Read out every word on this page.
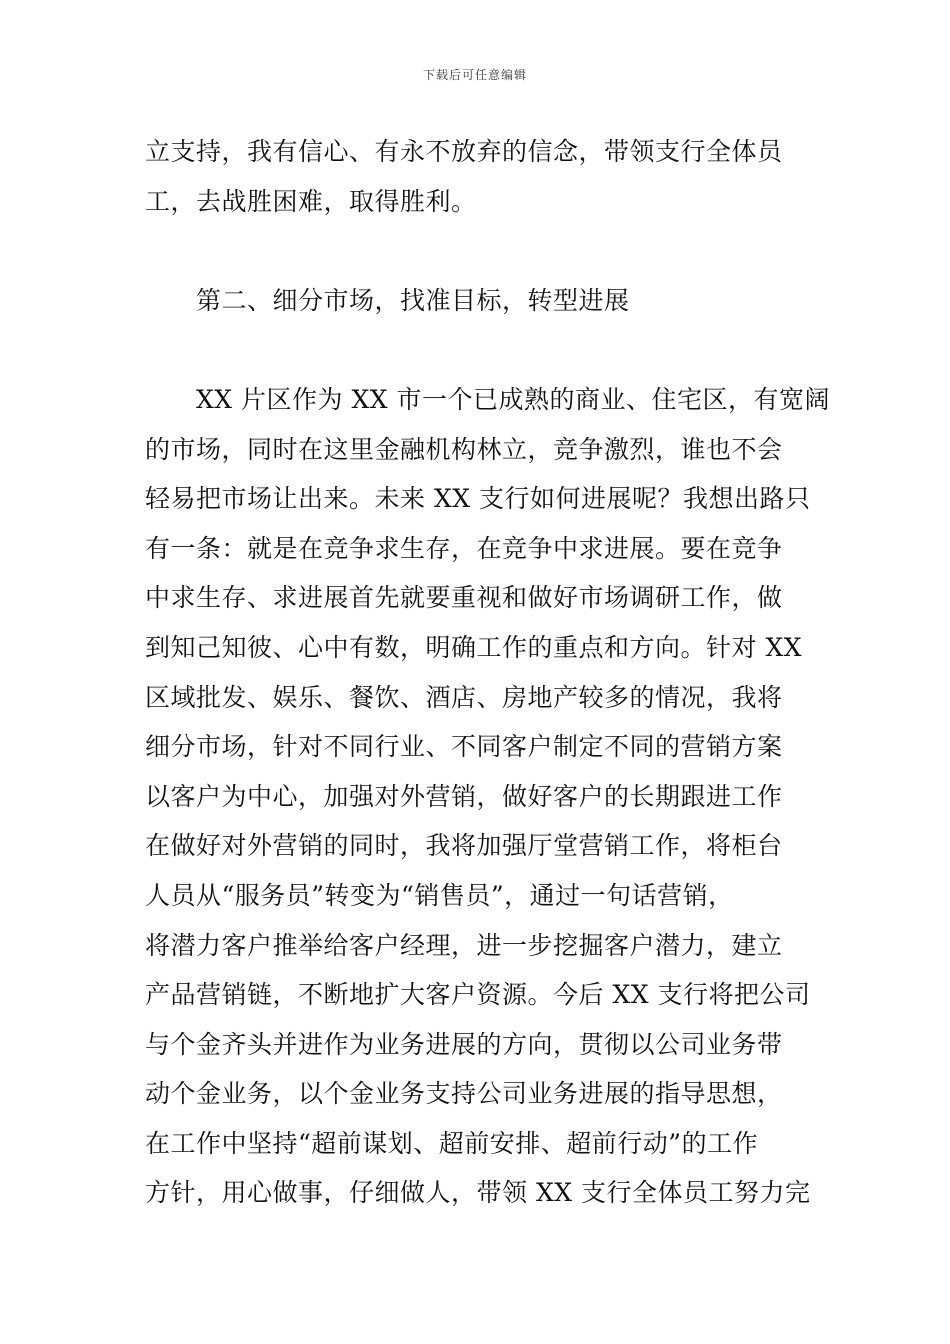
下载后可任意编辑
立支持，我有信心、有永不放弃的信念，带领支行全体员
工，去战胜困难，取得胜利。
第二、细分市场，找准目标，转型进展
XX 片区作为 XX 市一个已成熟的商业、住宅区，有宽阔
的市场，同时在这里金融机构林立，竞争激烈，谁也不会
轻易把市场让出来。未来 XX 支行如何进展呢？我想出路只
有一条：就是在竞争求生存，在竞争中求进展。要在竞争
中求生存、求进展首先就要重视和做好市场调研工作，做
到知己知彼、心中有数，明确工作的重点和方向。针对 XX
区域批发、娱乐、餐饮、酒店、房地产较多的情况，我将
细分市场，针对不同行业、不同客户制定不同的营销方案
以客户为中心，加强对外营销，做好客户的长期跟进工作
在做好对外营销的同时，我将加强厅堂营销工作，将柜台
人员从“服务员”转变为“销售员”，通过一句话营销，
将潜力客户推举给客户经理，进一步挖掘客户潜力，建立
产品营销链，不断地扩大客户资源。今后 XX 支行将把公司
与个金齐头并进作为业务进展的方向，贯彻以公司业务带
动个金业务，以个金业务支持公司业务进展的指导思想，
在工作中坚持“超前谋划、超前安排、超前行动”的工作
方针，用心做事，仔细做人，带领 XX 支行全体员工努力完
